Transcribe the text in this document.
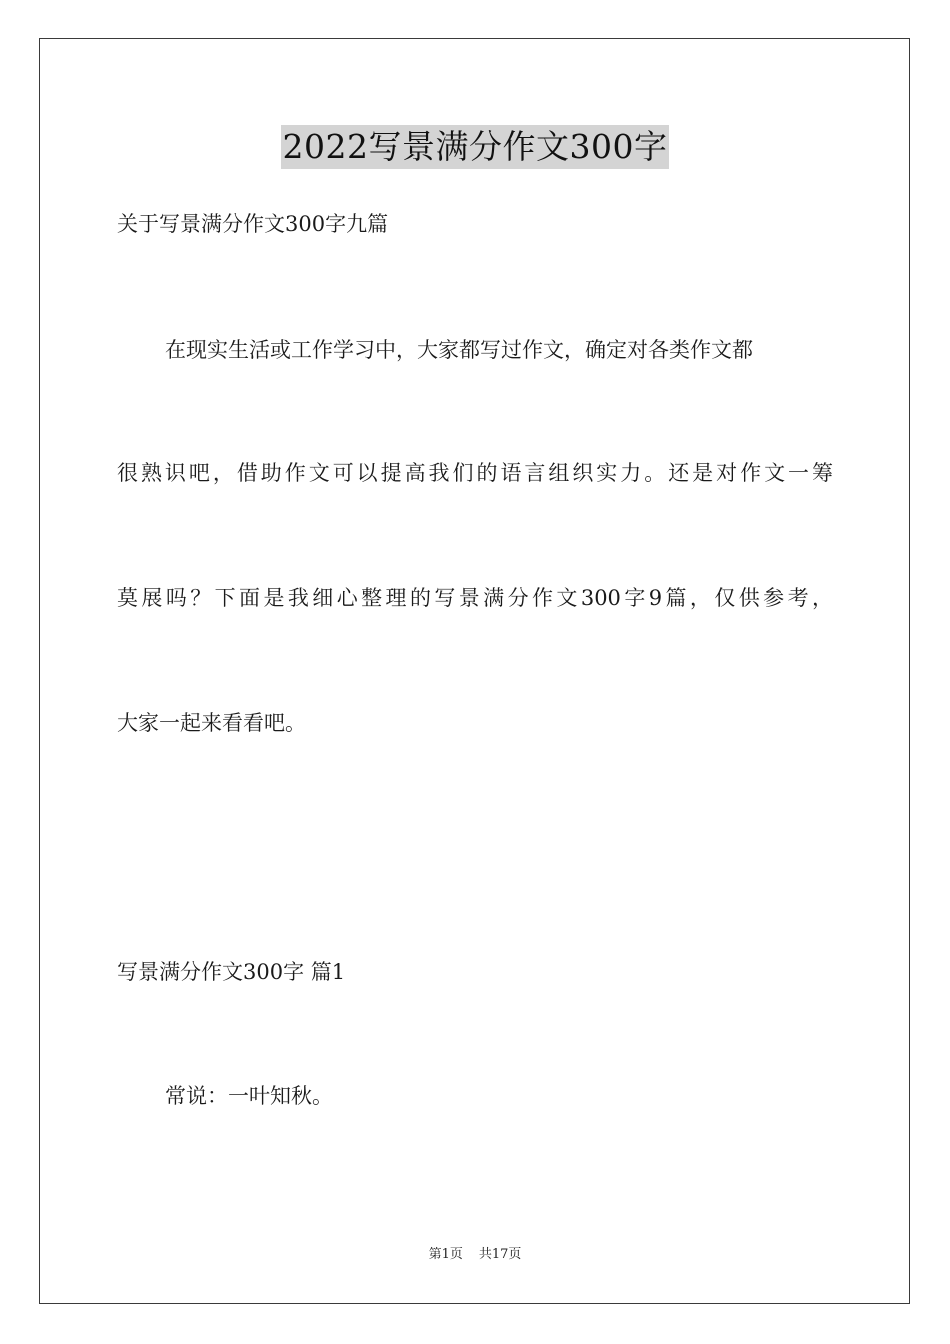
2022写景满分作文300字
关于写景满分作文300字九篇
在现实生活或工作学习中，大家都写过作文，确定对各类作文都
很熟识吧，借助作文可以提高我们的语言组织实力。还是对作文一筹
莫展吗？下面是我细心整理的写景满分作文300字9篇，仅供参考，
大家一起来看看吧。
写景满分作文300字 篇1
常说：一叶知秋。
第1页 共17页
